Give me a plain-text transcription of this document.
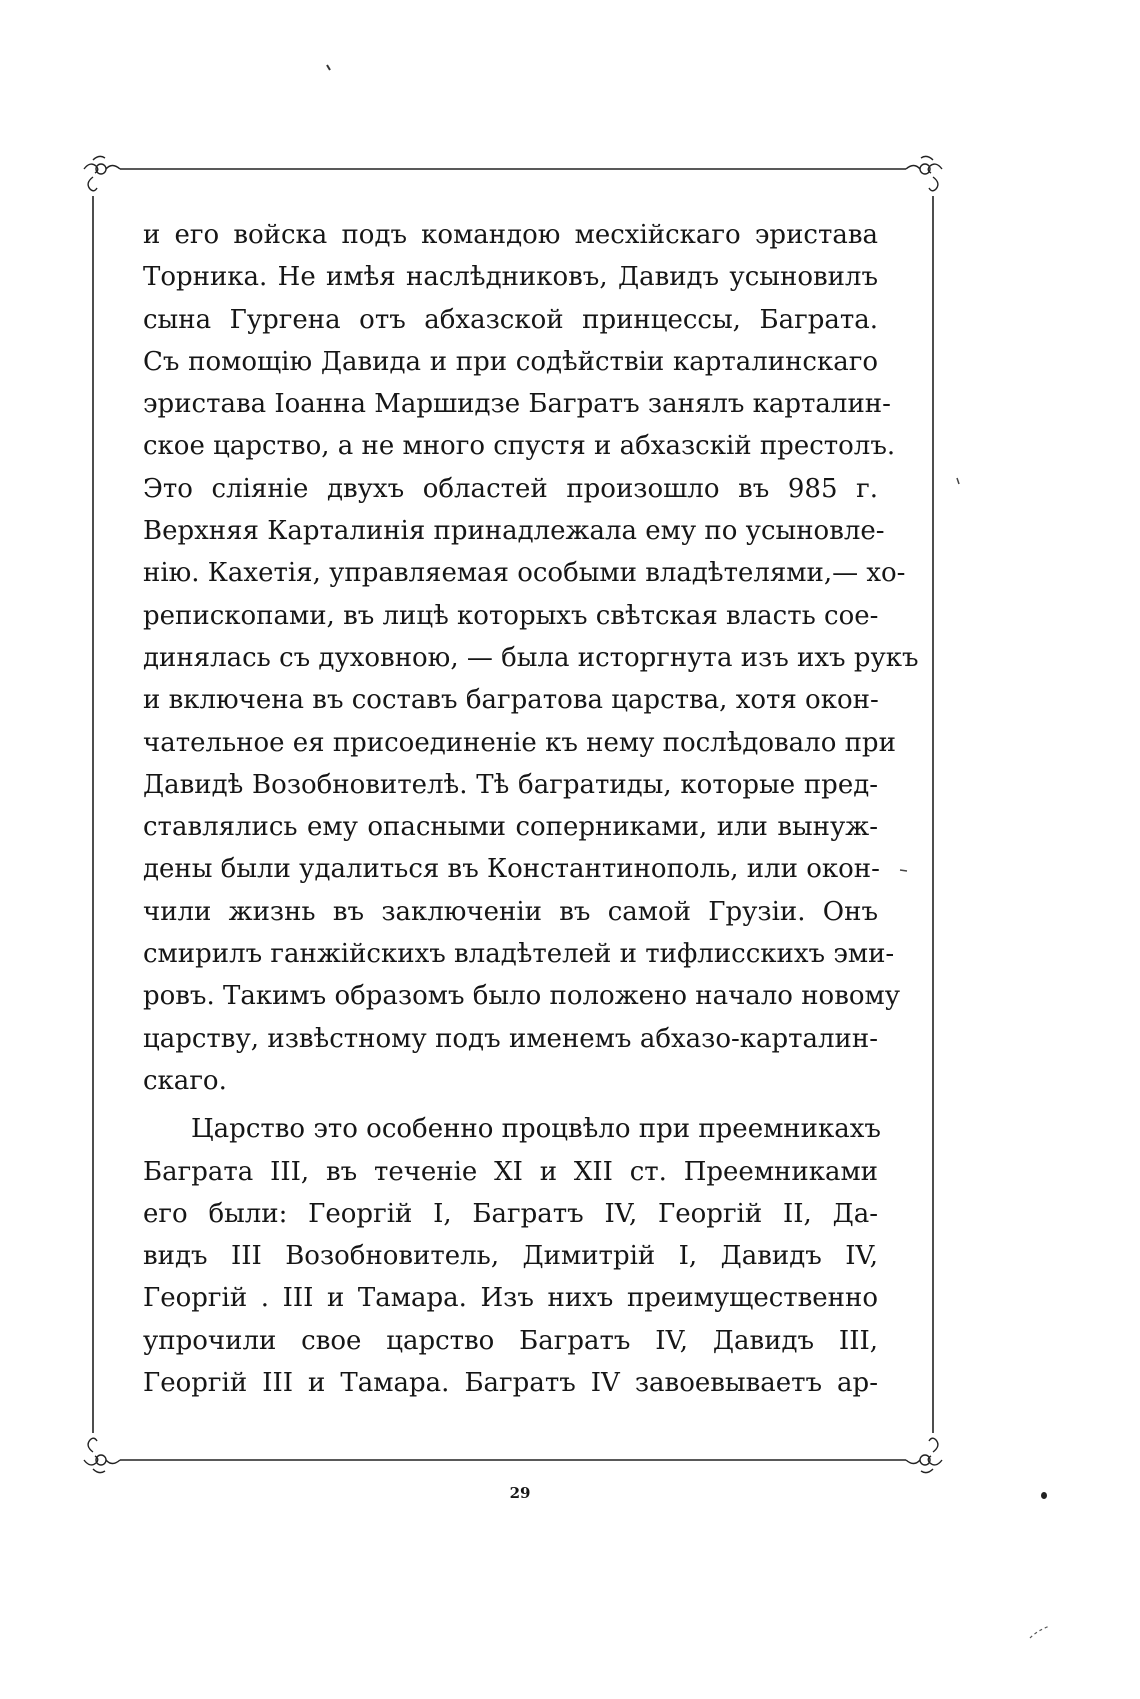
и его войска подъ командою месхійскаго эристава
Торника. Не имѣя наслѣдниковъ, Давидъ усыновилъ
сына Гургена отъ абхазской принцессы, Баграта.
Съ помощію Давида и при содѣйствіи карталинскаго
эристава Іоанна Маршидзе Багратъ занялъ карталин-
ское царство, а не много спустя и абхазскій престолъ.
Это сліяніе двухъ областей произошло въ 985 г.
Верхняя Карталинія принадлежала ему по усыновле-
нію. Кахетія, управляемая особыми владѣтелями,— хо-
репископами, въ лицѣ которыхъ свѣтская власть сое-
динялась съ духовною, — была исторгнута изъ ихъ рукъ
и включена въ составъ багратова царства, хотя окон-
чательное ея присоединеніе къ нему послѣдовало при
Давидѣ Возобновителѣ. Тѣ багратиды, которые пред-
ставлялись ему опасными соперниками, или вынуж-
дены были удалиться въ Константинополь, или окон-
чили жизнь въ заключеніи въ самой Грузіи. Онъ
смирилъ ганжійскихъ владѣтелей и тифлисскихъ эми-
ровъ. Такимъ образомъ было положено начало новому
царству, извѣстному подъ именемъ абхазо-карталин-
скаго.
Царство это особенно процвѣло при преемникахъ
Баграта III, въ теченіе XI и XII ст. Преемниками
его были: Георгій I, Багратъ IV, Георгій II, Да-
видъ III Возобновитель, Димитрій I, Давидъ IV,
Георгій . III и Тамара. Изъ нихъ преимущественно
упрочили свое царство Багратъ IV, Давидъ III,
Георгій III и Тамара. Багратъ IV завоевываетъ ар-
29
